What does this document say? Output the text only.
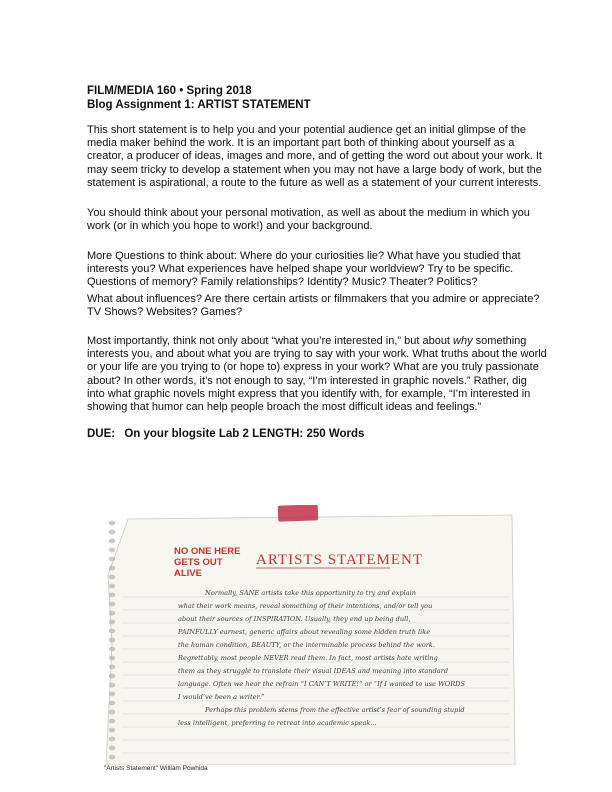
FILM/MEDIA 160 • Spring 2018
Blog Assignment 1: ARTIST STATEMENT

This short statement is to help you and your potential audience get an initial glimpse of the media maker behind the work. It is an important part both of thinking about yourself as a creator, a producer of ideas, images and more, and of getting the word out about your work. It may seem tricky to develop a statement when you may not have a large body of work, but the statement is aspirational, a route to the future as well as a statement of your current interests.

You should think about your personal motivation, as well as about the medium in which you work (or in which you hope to work!) and your background.

More Questions to think about: Where do your curiosities lie? What have you studied that interests you? What experiences have helped shape your worldview? Try to be specific. Questions of memory? Family relationships? Identity? Music? Theater? Politics?

What about influences? Are there certain artists or filmmakers that you admire or appreciate? TV Shows? Websites? Games?

Most importantly, think not only about “what you’re interested in,” but about why something interests you, and about what you are trying to say with your work. What truths about the world or your life are you trying to (or hope to) express in your work? What are you truly passionate about? In other words, it’s not enough to say, “I’m interested in graphic novels.” Rather, dig into what graphic novels might express that you identify with, for example, “I’m interested in showing that humor can help people broach the most difficult ideas and feelings.”

DUE: On your blogsite Lab 2 LENGTH: 250 Words
NO ONE HERE
GETS OUT
ALIVE
ARTISTS STATEMENT
Normally, SANE artists take this opportunity to try and explain
what their work means, reveal something of their intentions, and/or tell you
about their sources of INSPIRATION. Usually, they end up being dull,
PAINFULLY earnest, generic affairs about revealing some hidden truth like
the human condition, BEAUTY, or the interminable process behind the work.
Regrettably, most people NEVER read them. In fact, most artists hate writing
them as they struggle to translate their visual IDEAS and meaning into standard
language. Often we hear the refrain “I CAN’T WRITE!” or “If I wanted to use WORDS
I would’ve been a writer.”
Perhaps this problem stems from the effective artist’s fear of sounding stupid
less intelligent, preferring to retreat into academic speak...
"Artists Statement" William Powhida
